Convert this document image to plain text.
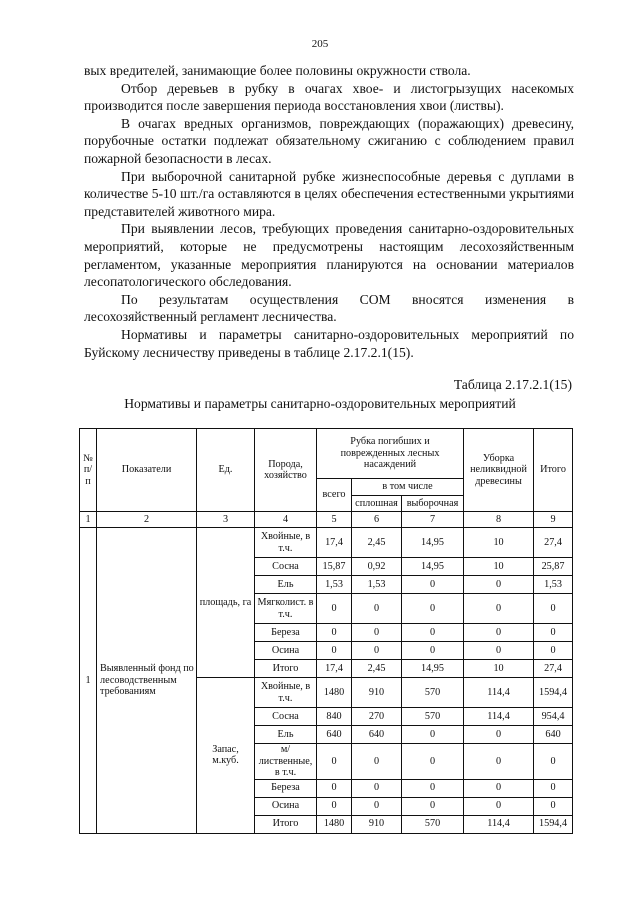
205

вых вредителей, занимающие более половины окружности ствола.

Отбор деревьев в рубку в очагах хвое- и листогрызущих насекомых производится после завершения периода восстановления хвои (листвы).

В очагах вредных организмов, повреждающих (поражающих) древесину, порубочные остатки подлежат обязательному сжиганию с соблюдением правил пожарной безопасности в лесах.

При выборочной санитарной рубке жизнеспособные деревья с дуплами в количестве 5-10 шт./га оставляются в целях обеспечения естественными укрытиями представителей животного мира.

При выявлении лесов, требующих проведения санитарно-оздоровительных мероприятий, которые не предусмотрены настоящим лесохозяйственным регламентом, указанные мероприятия планируются на основании материалов лесопатологического обследования.

По результатам осуществления СОМ вносятся изменения в лесохозяйственный регламент лесничества.

Нормативы и параметры санитарно-оздоровительных мероприятий по Буйскому лесничеству приведены в таблице 2.17.2.1(15).

Таблица 2.17.2.1(15)
Нормативы и параметры санитарно-оздоровительных мероприятий
№ п/п	Показатели	Ед.	Порода, хозяйство	Рубка погибших и поврежденных лесных насаждений			Уборка неликвидной древесины	Итого
				всего	в том числе			
					сплошная	выборочная		
1	2	3	4	5	6	7	8	9
1	Выявленный фонд по лесоводственным требованиям	площадь, га	Хвойные, в т.ч.	17,4	2,45	14,95	10	27,4
			Сосна	15,87	0,92	14,95	10	25,87
			Ель	1,53	1,53	0	0	1,53
			Мягколист. в т.ч.	0	0	0	0	0
			Береза	0	0	0	0	0
			Осина	0	0	0	0	0
			Итого	17,4	2,45	14,95	10	27,4
		Запас, м.куб.	Хвойные, в т.ч.	1480	910	570	114,4	1594,4
			Сосна	840	270	570	114,4	954,4
			Ель	640	640	0	0	640
			м/лиственные, в т.ч.	0	0	0	0	0
			Береза	0	0	0	0	0
			Осина	0	0	0	0	0
			Итого	1480	910	570	114,4	1594,4
